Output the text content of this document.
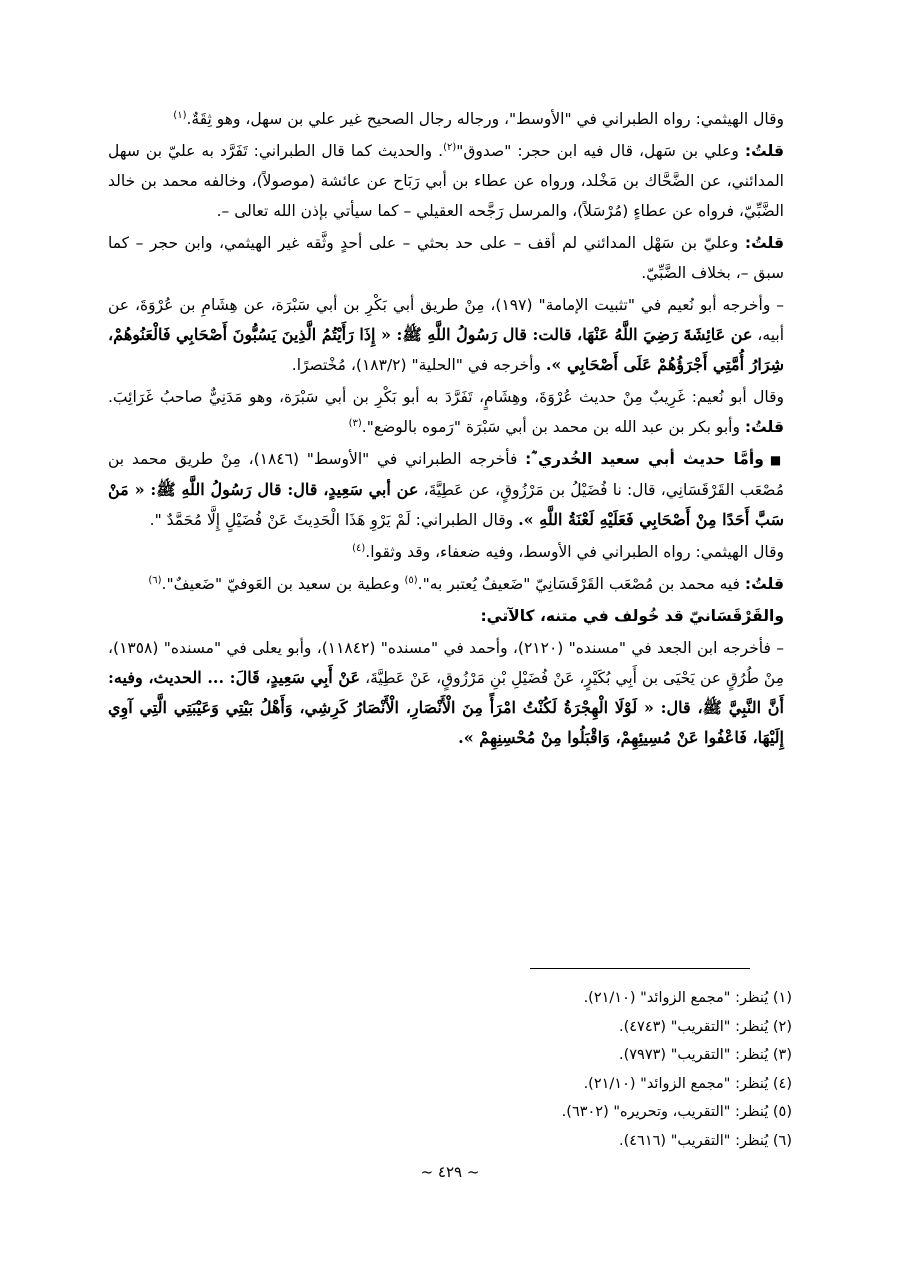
وقال الهيثمي: رواه الطبراني في "الأوسط"، ورجاله رجال الصحيح غير علي بن سهل، وهو ثِقَةٌ.$^{(١)}$

قلتُ: وعلي بن سَهل، قال فيه ابن حجر: "صدوق"$^{(٢)}$. والحديث كما قال الطبراني: تَفَرَّد به عليّ بن سهل المدائني، عن الضَّحَّاك بن مَخْلد، ورواه عن عطاء بن أبي رَبَاح عن عائشة (موصولاً)، وخالفه محمد بن خالد الضَّبِّيّ، فرواه عن عطاءٍ (مُرْسَلاً)، والمرسل رَجَّحه العقيلي – كما سيأتي بإذن الله تعالى –.

قلتُ: وعليّ بن سَهْل المدائني لم أقف – على حد بحثي – على أحدٍ وثَّقه غير الهيثمي، وابن حجر – كما سبق –، بخلاف الضَّبِّيّ.

– وأخرجه أبو نُعيم في "تثبيت الإمامة" (١٩٧)، مِنْ طريق أبي بَكْرِ بن أبي سَبْرَة، عن هِشَامِ بن عُرْوَةَ، عن أبيه، عن عَائِشَةَ رَضِيَ اللَّهُ عَنْهَا، قالت: قال رَسُولُ اللَّهِ ﷺ: « إِذَا رَأَيْتُمُ الَّذِينَ يَسُبُّونَ أَصْحَابِي فَالْعَنُوهُمْ، شِرَارُ أُمَّتِي أَجْرَؤُهُمْ عَلَى أَصْحَابِي ». وأخرجه في "الحلية" (١٨٣/٢)، مُخْتصرًا.

وقال أبو نُعيم: غَرِيبٌ مِنْ حديث عُرْوَةَ، وهِشَامٍ، تَفَرَّدَ به أبو بَكْرِ بن أبي سَبْرَة، وهو مَدَنِيٌّ صاحبُ غَرَائِبَ. قلتُ: وأبو بكر بن عبد الله بن محمد بن أبي سَبْرَة "رَموه بالوضع".$^{(٣)}$

■وأمَّا حديث أبي سعيد الخُدري ؓ: فأخرجه الطبراني في "الأوسط" (١٨٤٦)، مِنْ طريق محمد بن مُصْعَب القَرْقَسَانِي، قال: نا فُضَيْلُ بن مَرْزُوقٍ، عن عَطِيَّةَ، عن أبي سَعِيدٍ، قال: قال رَسُولُ اللَّهِ ﷺ: « مَنْ سَبَّ أَحَدًا مِنْ أَصْحَابِي فَعَلَيْهِ لَعْنَةُ اللَّهِ ». وقال الطبراني: لَمْ يَرْوِ هَذَا الْحَدِيثَ عَنْ فُضَيْلٍ إِلَّا مُحَمَّدٌ ".

وقال الهيثمي: رواه الطبراني في الأوسط، وفيه ضعفاء، وقد وثقوا.$^{(٤)}$

قلتُ: فيه محمد بن مُصْعَب القَرْقَسَانِيّ "ضَعيفٌ يُعتبر به".$^{(٥)}$ وعطية بن سعيد بن العَوفيّ "ضَعيفٌ".$^{(٦)}$

والقَرْقَسَانيّ قد خُولف في متنه، كالآتي:

– فأخرجه ابن الجعد في "مسنده" (٢١٢٠)، وأحمد في "مسنده" (١١٨٤٢)، وأبو يعلى في "مسنده" (١٣٥٨)، مِنْ طُرُقٍ عن يَحْيَى بن أَبِي بُكَيْرٍ، عَنْ فُضَيْلِ بْنِ مَرْزُوقٍ، عَنْ عَطِيَّةَ، عَنْ أَبِي سَعِيدٍ، قَالَ: ... الحديث، وفيه: أَنَّ النَّبِيَّ ﷺ، قال: « لَوْلَا الْهِجْرَةُ لَكُنْتُ امْرَأً مِنَ الْأَنْصَارِ، الْأَنْصَارُ كَرِشِي، وَأَهْلُ بَيْتِي وَعَيْبَتِي الَّتِي آوِي إِلَيْهَا، فَاعْفُوا عَنْ مُسِيئِهِمْ، وَاقْبَلُوا مِنْ مُحْسِنِهِمْ ».

(١) يُنظر: "مجمع الزوائد" (٢١/١٠).

(٢) يُنظر: "التقريب" (٤٧٤٣).

(٣) يُنظر: "التقريب" (٧٩٧٣).

(٤) يُنظر: "مجمع الزوائد" (٢١/١٠).

(٥) يُنظر: "التقريب، وتحريره" (٦٣٠٢).

(٦) يُنظر: "التقريب" (٤٦١٦).

~ ٤٢٩ ~
